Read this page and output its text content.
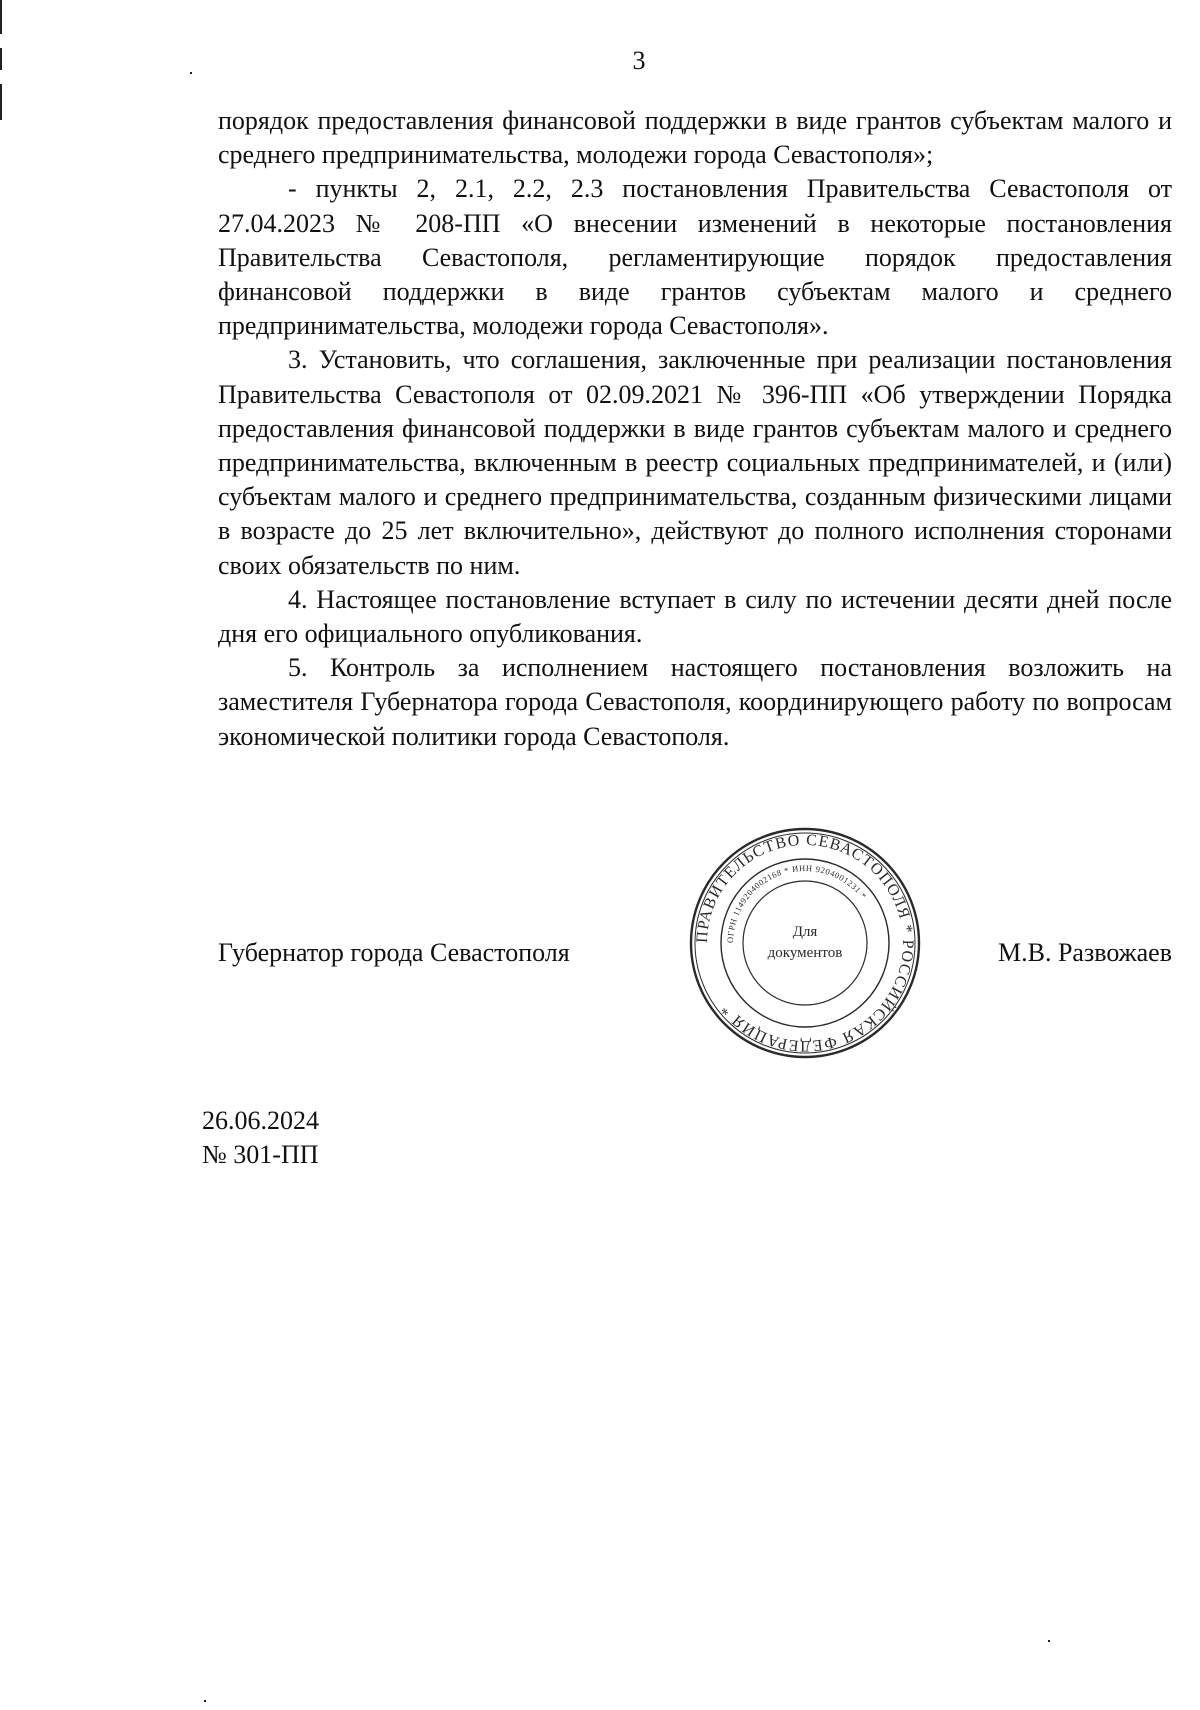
3

порядок предоставления финансовой поддержки в виде грантов субъектам малого и среднего предпринимательства, молодежи города Севастополя»;

- пункты 2, 2.1, 2.2, 2.3 постановления Правительства Севастополя от 27.04.2023 № 208-ПП «О внесении изменений в некоторые постановления Правительства Севастополя, регламентирующие порядок предоставления финансовой поддержки в виде грантов субъектам малого и среднего предпринимательства, молодежи города Севастополя».

3. Установить, что соглашения, заключенные при реализации постановления Правительства Севастополя от 02.09.2021 № 396-ПП «Об утверждении Порядка предоставления финансовой поддержки в виде грантов субъектам малого и среднего предпринимательства, включенным в реестр социальных предпринимателей, и (или) субъектам малого и среднего предпринимательства, созданным физическими лицами в возрасте до 25 лет включительно», действуют до полного исполнения сторонами своих обязательств по ним.

4. Настоящее постановление вступает в силу по истечении десяти дней после дня его официального опубликования.

5. Контроль за исполнением настоящего постановления возложить на заместителя Губернатора города Севастополя, координирующего работу по вопросам экономической политики города Севастополя.

Губернатор города Севастополя	М.В. Развожаев
ПРАВИТЕЛЬСТВО СЕВАСТОПОЛЯ * РОССИЙСКАЯ ФЕДЕРАЦИЯ *
ОГРН 1149204002168 * ИНН 9204001231 *
Для
документов
26.06.2024
№ 301-ПП
